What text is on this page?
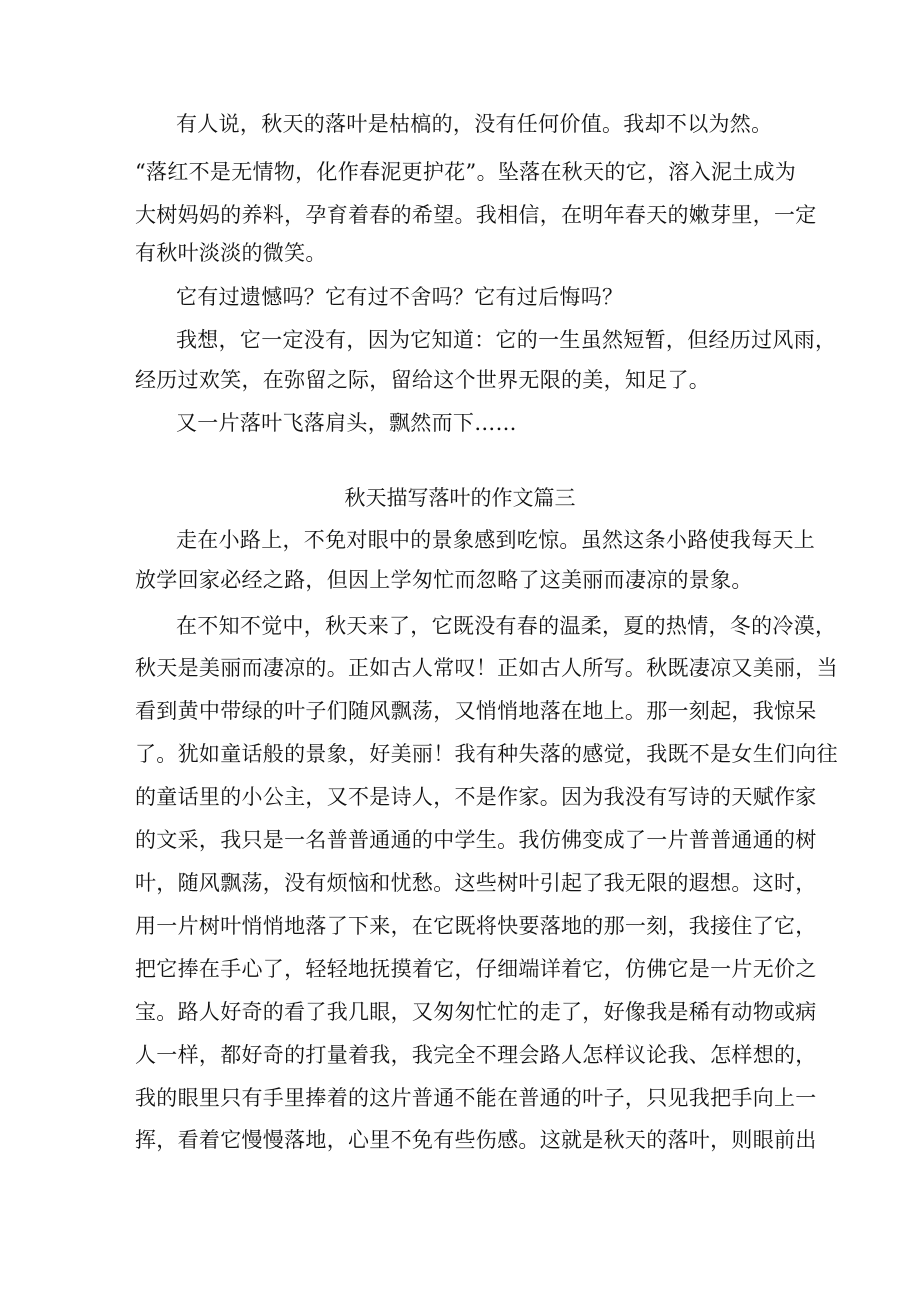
有人说，秋天的落叶是枯槁的，没有任何价值。我却不以为然。
“落红不是无情物，化作春泥更护花”。坠落在秋天的它，溶入泥土成为
大树妈妈的养料，孕育着春的希望。我相信，在明年春天的嫩芽里，一定
有秋叶淡淡的微笑。
它有过遗憾吗？它有过不舍吗？它有过后悔吗？
我想，它一定没有，因为它知道：它的一生虽然短暂，但经历过风雨，
经历过欢笑，在弥留之际，留给这个世界无限的美，知足了。
又一片落叶飞落肩头，飘然而下……
秋天描写落叶的作文篇三
走在小路上，不免对眼中的景象感到吃惊。虽然这条小路使我每天上
放学回家必经之路，但因上学匆忙而忽略了这美丽而凄凉的景象。
在不知不觉中，秋天来了，它既没有春的温柔，夏的热情，冬的冷漠，
秋天是美丽而凄凉的。正如古人常叹！正如古人所写。秋既凄凉又美丽，当
看到黄中带绿的叶子们随风飘荡，又悄悄地落在地上。那一刻起，我惊呆
了。犹如童话般的景象，好美丽！我有种失落的感觉，我既不是女生们向往
的童话里的小公主，又不是诗人，不是作家。因为我没有写诗的天赋作家
的文采，我只是一名普普通通的中学生。我仿佛变成了一片普普通通的树
叶，随风飘荡，没有烦恼和忧愁。这些树叶引起了我无限的遐想。这时，
用一片树叶悄悄地落了下来，在它既将快要落地的那一刻，我接住了它，
把它捧在手心了，轻轻地抚摸着它，仔细端详着它，仿佛它是一片无价之
宝。路人好奇的看了我几眼，又匆匆忙忙的走了，好像我是稀有动物或病
人一样，都好奇的打量着我，我完全不理会路人怎样议论我、怎样想的，
我的眼里只有手里捧着的这片普通不能在普通的叶子，只见我把手向上一
挥，看着它慢慢落地，心里不免有些伤感。这就是秋天的落叶，则眼前出
